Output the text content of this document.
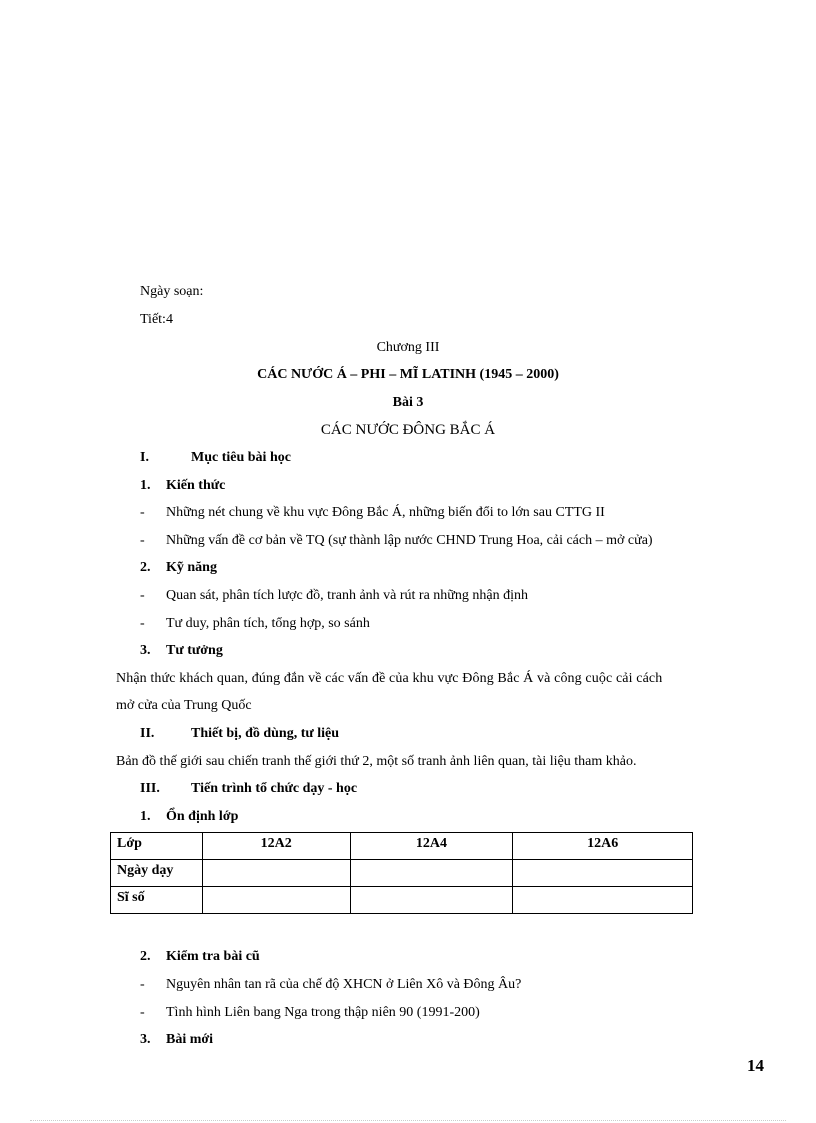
Ngày soạn:
Tiết:4
Chương III
CÁC NƯỚC Á – PHI – MĨ LATINH (1945 – 2000)
Bài 3
CÁC NƯỚC ĐÔNG BẮC Á
I.	Mục tiêu bài học
1. Kiến thức
- Những nét chung về khu vực Đông Bắc Á, những biến đổi to lớn sau CTTG II
- Những vấn đề cơ bản về TQ (sự thành lập nước CHND Trung Hoa, cải cách – mở cửa)
2. Kỹ năng
- Quan sát, phân tích lược đồ, tranh ảnh và rút ra những nhận định
- Tư duy, phân tích, tổng hợp, so sánh
3. Tư tưởng
Nhận thức khách quan, đúng đắn về các vấn đề của khu vực Đông Bắc Á và công cuộc cải cách
mở cửa của Trung Quốc
II.	Thiết bị, đồ dùng, tư liệu
Bản đồ thế giới sau chiến tranh thế giới thứ 2, một số tranh ảnh liên quan, tài liệu tham khảo.
III. Tiến trình tổ chức dạy - học
1. Ổn định lớp
Lớp	12A2	12A4	12A6
Ngày dạy			
Sĩ số			
2. Kiểm tra bài cũ
- Nguyên nhân tan rã của chế độ XHCN ở Liên Xô và Đông Âu?
- Tình hình Liên bang Nga trong thập niên 90 (1991-200)
3. Bài mới
14
